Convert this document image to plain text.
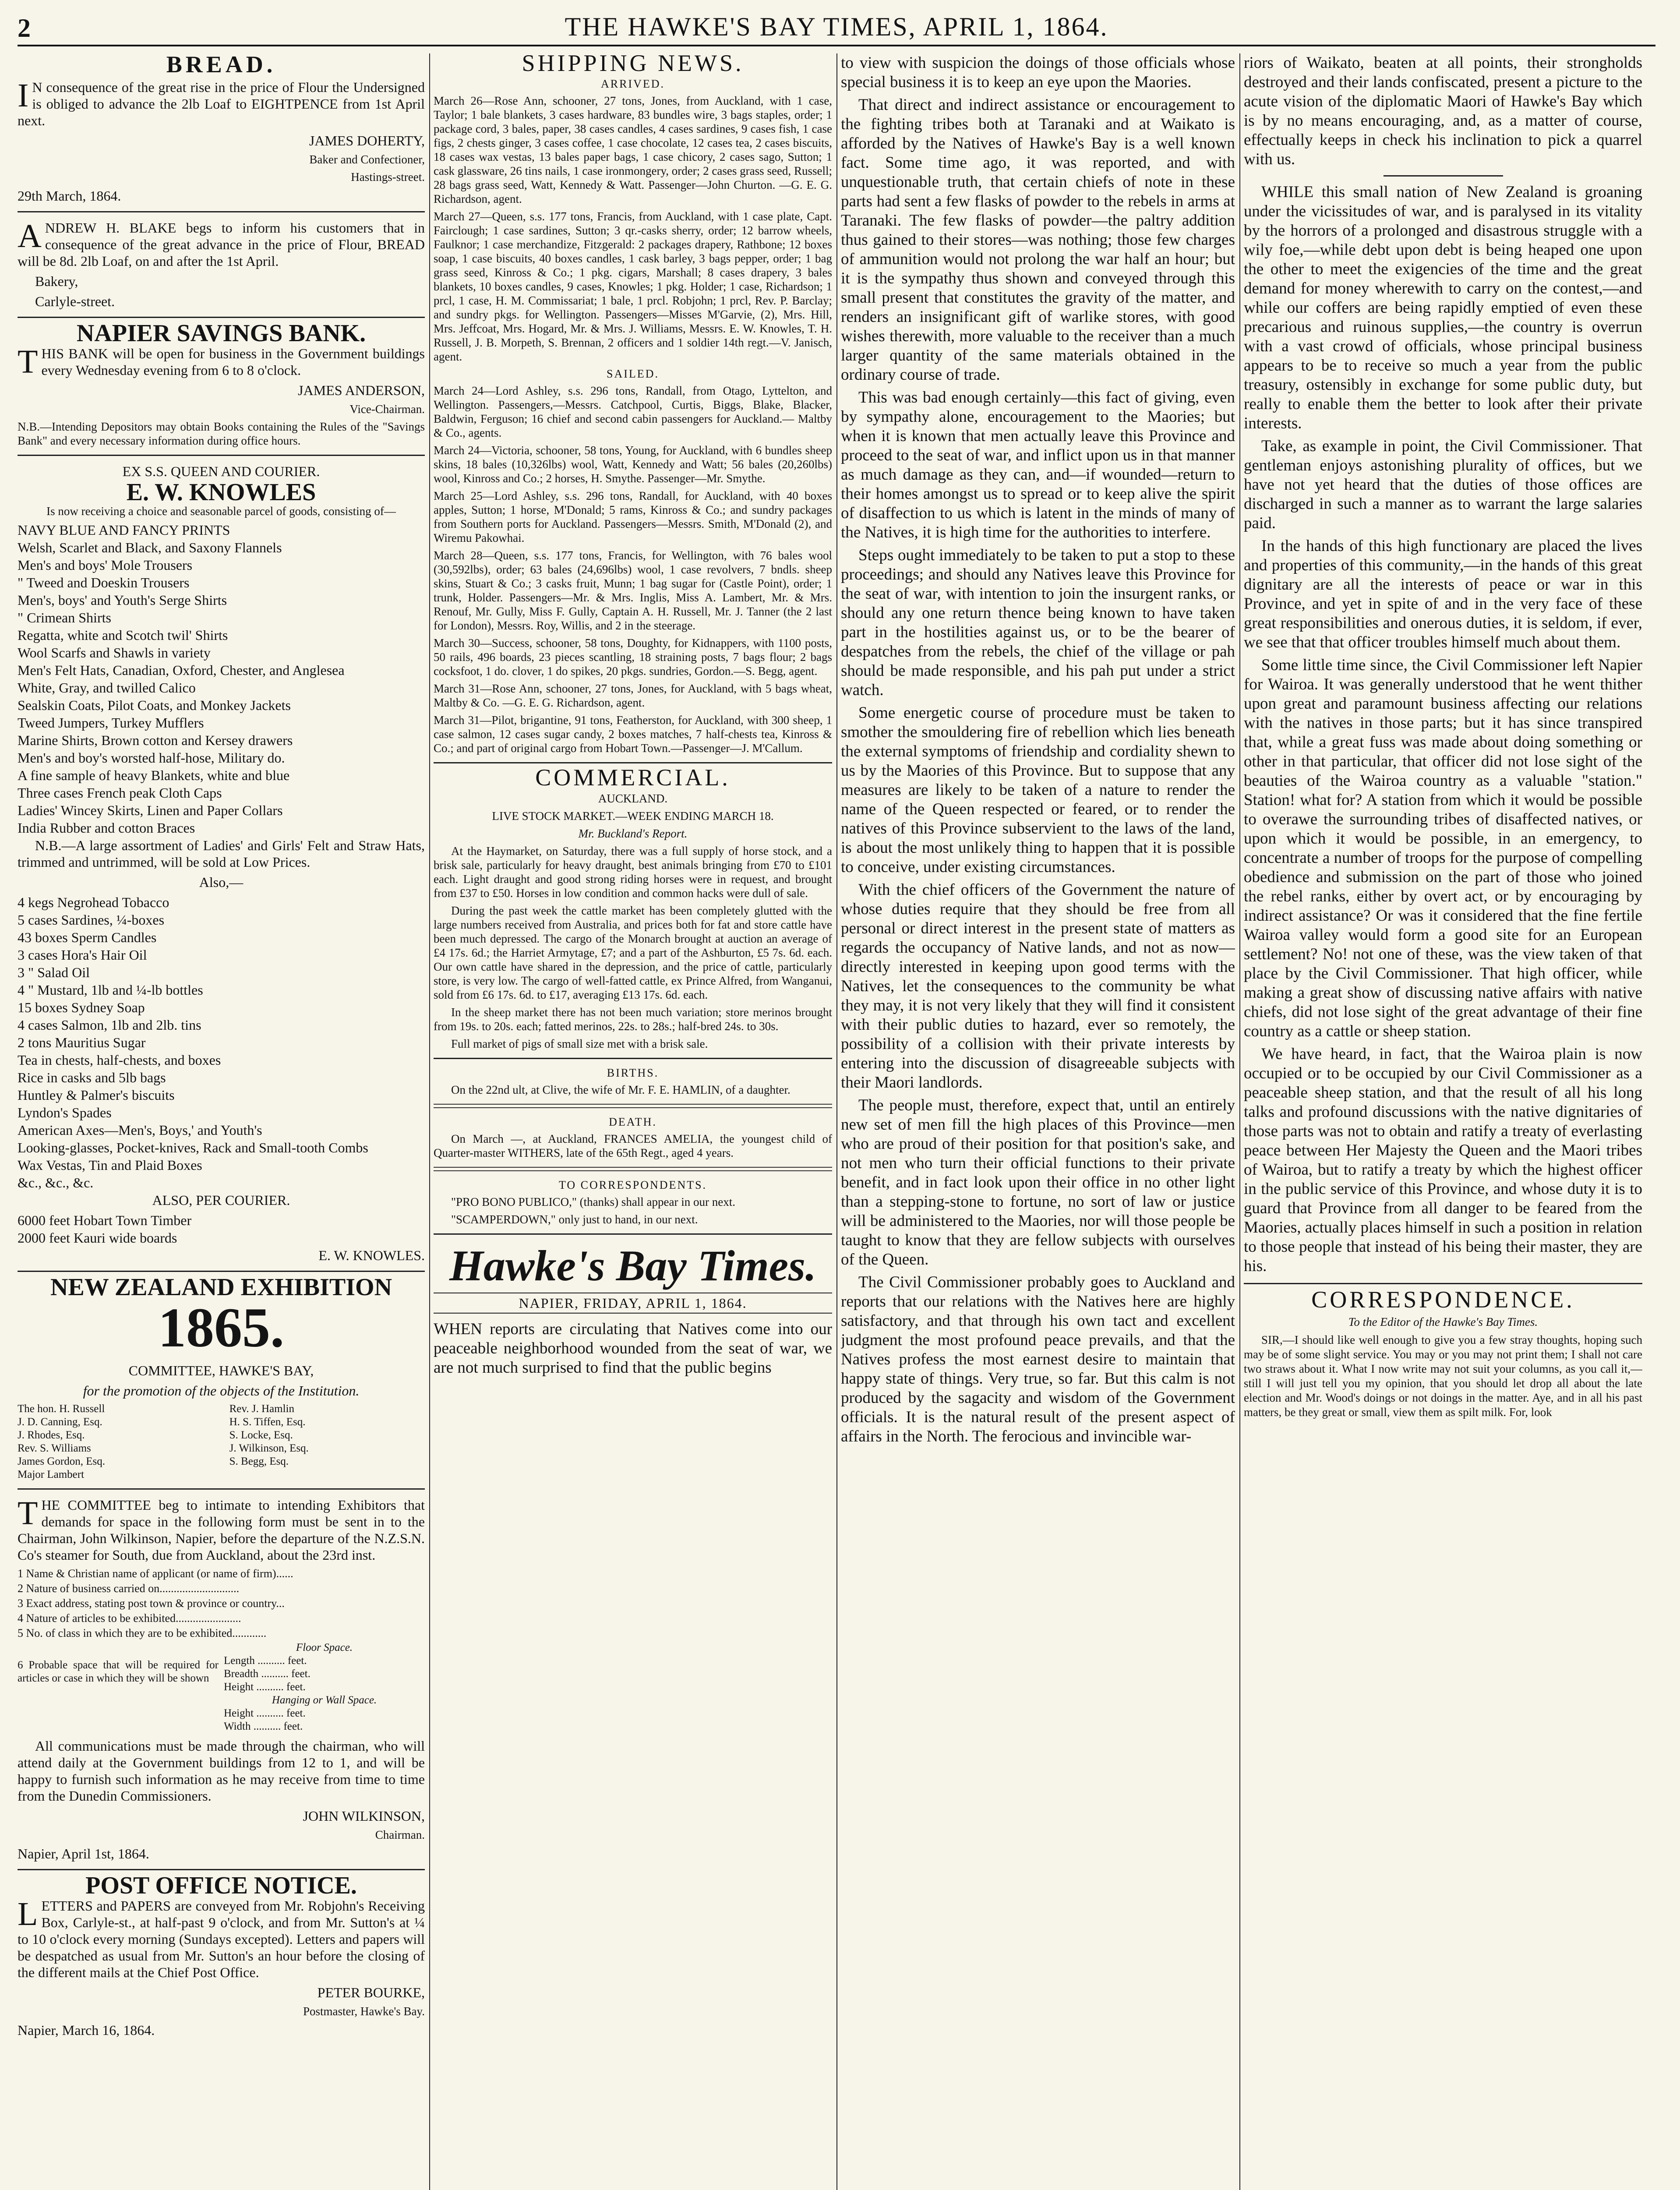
2	THE HAWKE'S BAY TIMES, APRIL 1, 1864.
BREAD.

IN consequence of the great rise in the price of Flour the Undersigned is obliged to advance the 2lb Loaf to EIGHTPENCE from 1st April next.

JAMES DOHERTY,

Baker and Confectioner,

Hastings-street.

29th March, 1864.

ANDREW H. BLAKE begs to inform his customers that in consequence of the great advance in the price of Flour, BREAD will be 8d. 2lb Loaf, on and after the 1st April.

Bakery,

Carlyle-street.

NAPIER SAVINGS BANK.

THIS BANK will be open for business in the Government buildings every Wednesday evening from 6 to 8 o'clock.

JAMES ANDERSON,

Vice-Chairman.

N.B.—Intending Depositors may obtain Books containing the Rules of the "Savings Bank" and every necessary information during office hours.

EX S.S. QUEEN AND COURIER.

E. W. KNOWLES

Is now receiving a choice and seasonable parcel of goods, consisting of—

NAVY BLUE AND FANCY PRINTS

Welsh, Scarlet and Black, and Saxony Flannels

Men's and boys' Mole Trousers

" Tweed and Doeskin Trousers

Men's, boys' and Youth's Serge Shirts

" Crimean Shirts

Regatta, white and Scotch twil' Shirts

Wool Scarfs and Shawls in variety

Men's Felt Hats, Canadian, Oxford, Chester, and Anglesea

White, Gray, and twilled Calico

Sealskin Coats, Pilot Coats, and Monkey Jackets

Tweed Jumpers, Turkey Mufflers

Marine Shirts, Brown cotton and Kersey drawers

Men's and boy's worsted half-hose, Military do.

A fine sample of heavy Blankets, white and blue

Three cases French peak Cloth Caps

Ladies' Wincey Skirts, Linen and Paper Collars

India Rubber and cotton Braces

N.B.—A large assortment of Ladies' and Girls' Felt and Straw Hats, trimmed and untrimmed, will be sold at Low Prices.

Also,—

4 kegs Negrohead Tobacco

5 cases Sardines, ¼-boxes

43 boxes Sperm Candles

3 cases Hora's Hair Oil

3 " Salad Oil

4 " Mustard, 1lb and ¼-lb bottles

15 boxes Sydney Soap

4 cases Salmon, 1lb and 2lb. tins

2 tons Mauritius Sugar

Tea in chests, half-chests, and boxes

Rice in casks and 5lb bags

Huntley & Palmer's biscuits

Lyndon's Spades

American Axes—Men's, Boys,' and Youth's

Looking-glasses, Pocket-knives, Rack and Small-tooth Combs

Wax Vestas, Tin and Plaid Boxes

&c., &c., &c.

ALSO, PER COURIER.

6000 feet Hobart Town Timber

2000 feet Kauri wide boards

E. W. KNOWLES.

NEW ZEALAND EXHIBITION
1865.

COMMITTEE, HAWKE'S BAY,

for the promotion of the objects of the Institution.

The hon. H. Russell
J. D. Canning, Esq.
J. Rhodes, Esq.
Rev. S. Williams
James Gordon, Esq.
Major Lambert
Rev. J. Hamlin
H. S. Tiffen, Esq.
S. Locke, Esq.
J. Wilkinson, Esq.
S. Begg, Esq.

THE COMMITTEE beg to intimate to intending Exhibitors that demands for space in the following form must be sent in to the Chairman, John Wilkinson, Napier, before the departure of the N.Z.S.N. Co's steamer for South, due from Auckland, about the 23rd inst.

1 Name & Christian name of applicant (or name of firm)......

2 Nature of business carried on............................

3 Exact address, stating post town & province or country...

4 Nature of articles to be exhibited.......................

5 No. of class in which they are to be exhibited............

6 Probable space that will be required for articles or case in which they will be shown
Floor Space.
Length .......... feet.
Breadth .......... feet.
Height .......... feet.
Hanging or Wall Space.
Height .......... feet.
Width .......... feet.

All communications must be made through the chairman, who will attend daily at the Government buildings from 12 to 1, and will be happy to furnish such information as he may receive from time to time from the Dunedin Commissioners.

JOHN WILKINSON,

Chairman.

Napier, April 1st, 1864.

POST OFFICE NOTICE.

LETTERS and PAPERS are conveyed from Mr. Robjohn's Receiving Box, Carlyle-st., at half-past 9 o'clock, and from Mr. Sutton's at ¼ to 10 o'clock every morning (Sundays excepted). Letters and papers will be despatched as usual from Mr. Sutton's an hour before the closing of the different mails at the Chief Post Office.

PETER BOURKE,

Postmaster, Hawke's Bay.

Napier, March 16, 1864.

SHIPPING NEWS.
ARRIVED.

March 26—Rose Ann, schooner, 27 tons, Jones, from Auckland, with 1 case, Taylor; 1 bale blankets, 3 cases hardware, 83 bundles wire, 3 bags staples, order; 1 package cord, 3 bales, paper, 38 cases candles, 4 cases sardines, 9 cases fish, 1 case figs, 2 chests ginger, 3 cases coffee, 1 case chocolate, 12 cases tea, 2 cases biscuits, 18 cases wax vestas, 13 bales paper bags, 1 case chicory, 2 cases sago, Sutton; 1 cask glassware, 26 tins nails, 1 case ironmongery, order; 2 cases grass seed, Russell; 28 bags grass seed, Watt, Kennedy & Watt. Passenger—John Churton. —G. E. G. Richardson, agent.

March 27—Queen, s.s. 177 tons, Francis, from Auckland, with 1 case plate, Capt. Fairclough; 1 case sardines, Sutton; 3 qr.-casks sherry, order; 12 barrow wheels, Faulknor; 1 case merchandize, Fitzgerald: 2 packages drapery, Rathbone; 12 boxes soap, 1 case biscuits, 40 boxes candles, 1 cask barley, 3 bags pepper, order; 1 bag grass seed, Kinross & Co.; 1 pkg. cigars, Marshall; 8 cases drapery, 3 bales blankets, 10 boxes candles, 9 cases, Knowles; 1 pkg. Holder; 1 case, Richardson; 1 prcl, 1 case, H. M. Commissariat; 1 bale, 1 prcl. Robjohn; 1 prcl, Rev. P. Barclay; and sundry pkgs. for Wellington. Passengers—Misses M'Garvie, (2), Mrs. Hill, Mrs. Jeffcoat, Mrs. Hogard, Mr. & Mrs. J. Williams, Messrs. E. W. Knowles, T. H. Russell, J. B. Morpeth, S. Brennan, 2 officers and 1 soldier 14th regt.—V. Janisch, agent.

SAILED.

March 24—Lord Ashley, s.s. 296 tons, Randall, from Otago, Lyttelton, and Wellington. Passengers,—Messrs. Catchpool, Curtis, Biggs, Blake, Blacker, Baldwin, Ferguson; 16 chief and second cabin passengers for Auckland.— Maltby & Co., agents.

March 24—Victoria, schooner, 58 tons, Young, for Auckland, with 6 bundles sheep skins, 18 bales (10,326lbs) wool, Watt, Kennedy and Watt; 56 bales (20,260lbs) wool, Kinross and Co.; 2 horses, H. Smythe. Passenger—Mr. Smythe.

March 25—Lord Ashley, s.s. 296 tons, Randall, for Auckland, with 40 boxes apples, Sutton; 1 horse, M'Donald; 5 rams, Kinross & Co.; and sundry packages from Southern ports for Auckland. Passengers—Messrs. Smith, M'Donald (2), and Wiremu Pakowhai.

March 28—Queen, s.s. 177 tons, Francis, for Wellington, with 76 bales wool (30,592lbs), order; 63 bales (24,696lbs) wool, 1 case revolvers, 7 bndls. sheep skins, Stuart & Co.; 3 casks fruit, Munn; 1 bag sugar for (Castle Point), order; 1 trunk, Holder. Passengers—Mr. & Mrs. Inglis, Miss A. Lambert, Mr. & Mrs. Renouf, Mr. Gully, Miss F. Gully, Captain A. H. Russell, Mr. J. Tanner (the 2 last for London), Messrs. Roy, Willis, and 2 in the steerage.

March 30—Success, schooner, 58 tons, Doughty, for Kidnappers, with 1100 posts, 50 rails, 496 boards, 23 pieces scantling, 18 straining posts, 7 bags flour; 2 bags cocksfoot, 1 do. clover, 1 do spikes, 20 pkgs. sundries, Gordon.—S. Begg, agent.

March 31—Rose Ann, schooner, 27 tons, Jones, for Auckland, with 5 bags wheat, Maltby & Co. —G. E. G. Richardson, agent.

March 31—Pilot, brigantine, 91 tons, Featherston, for Auckland, with 300 sheep, 1 case salmon, 12 cases sugar candy, 2 boxes matches, 7 half-chests tea, Kinross & Co.; and part of original cargo from Hobart Town.—Passenger—J. M'Callum.

COMMERCIAL.

AUCKLAND.

LIVE STOCK MARKET.—WEEK ENDING MARCH 18.

Mr. Buckland's Report.

At the Haymarket, on Saturday, there was a full supply of horse stock, and a brisk sale, particularly for heavy draught, best animals bringing from £70 to £101 each. Light draught and good strong riding horses were in request, and brought from £37 to £50. Horses in low condition and common hacks were dull of sale.

During the past week the cattle market has been completely glutted with the large numbers received from Australia, and prices both for fat and store cattle have been much depressed. The cargo of the Monarch brought at auction an average of £4 17s. 6d.; the Harriet Armytage, £7; and a part of the Ashburton, £5 7s. 6d. each. Our own cattle have shared in the depression, and the price of cattle, particularly store, is very low. The cargo of well-fatted cattle, ex Prince Alfred, from Wanganui, sold from £6 17s. 6d. to £17, averaging £13 17s. 6d. each.

In the sheep market there has not been much variation; store merinos brought from 19s. to 20s. each; fatted merinos, 22s. to 28s.; half-bred 24s. to 30s.

Full market of pigs of small size met with a brisk sale.

BIRTHS.

On the 22nd ult, at Clive, the wife of Mr. F. E. HAMLIN, of a daughter.

DEATH.

On March —, at Auckland, FRANCES AMELIA, the youngest child of Quarter-master WITHERS, late of the 65th Regt., aged 4 years.

TO CORRESPONDENTS.

"PRO BONO PUBLICO," (thanks) shall appear in our next.

"SCAMPERDOWN," only just to hand, in our next.

Hawke's Bay Times.
NAPIER, FRIDAY, APRIL 1, 1864.

WHEN reports are circulating that Natives come into our peaceable neighborhood wounded from the seat of war, we are not much surprised to find that the public begins

to view with suspicion the doings of those officials whose special business it is to keep an eye upon the Maories.

That direct and indirect assistance or encouragement to the fighting tribes both at Taranaki and at Waikato is afforded by the Natives of Hawke's Bay is a well known fact. Some time ago, it was reported, and with unquestionable truth, that certain chiefs of note in these parts had sent a few flasks of powder to the rebels in arms at Taranaki. The few flasks of powder—the paltry addition thus gained to their stores—was nothing; those few charges of ammunition would not prolong the war half an hour; but it is the sympathy thus shown and conveyed through this small present that constitutes the gravity of the matter, and renders an insignificant gift of warlike stores, with good wishes therewith, more valuable to the receiver than a much larger quantity of the same materials obtained in the ordinary course of trade.

This was bad enough certainly—this fact of giving, even by sympathy alone, encouragement to the Maories; but when it is known that men actually leave this Province and proceed to the seat of war, and inflict upon us in that manner as much damage as they can, and—if wounded—return to their homes amongst us to spread or to keep alive the spirit of disaffection to us which is latent in the minds of many of the Natives, it is high time for the authorities to interfere.

Steps ought immediately to be taken to put a stop to these proceedings; and should any Natives leave this Province for the seat of war, with intention to join the insurgent ranks, or should any one return thence being known to have taken part in the hostilities against us, or to be the bearer of despatches from the rebels, the chief of the village or pah should be made responsible, and his pah put under a strict watch.

Some energetic course of procedure must be taken to smother the smouldering fire of rebellion which lies beneath the external symptoms of friendship and cordiality shewn to us by the Maories of this Province. But to suppose that any measures are likely to be taken of a nature to render the name of the Queen respected or feared, or to render the natives of this Province subservient to the laws of the land, is about the most unlikely thing to happen that it is possible to conceive, under existing circumstances.

With the chief officers of the Government the nature of whose duties require that they should be free from all personal or direct interest in the present state of matters as regards the occupancy of Native lands, and not as now—directly interested in keeping upon good terms with the Natives, let the consequences to the community be what they may, it is not very likely that they will find it consistent with their public duties to hazard, ever so remotely, the possibility of a collision with their private interests by entering into the discussion of disagreeable subjects with their Maori landlords.

The people must, therefore, expect that, until an entirely new set of men fill the high places of this Province—men who are proud of their position for that position's sake, and not men who turn their official functions to their private benefit, and in fact look upon their office in no other light than a stepping-stone to fortune, no sort of law or justice will be administered to the Maories, nor will those people be taught to know that they are fellow subjects with ourselves of the Queen.

The Civil Commissioner probably goes to Auckland and reports that our relations with the Natives here are highly satisfactory, and that through his own tact and excellent judgment the most profound peace prevails, and that the Natives profess the most earnest desire to maintain that happy state of things. Very true, so far. But this calm is not produced by the sagacity and wisdom of the Government officials. It is the natural result of the present aspect of affairs in the North. The ferocious and invincible war-

riors of Waikato, beaten at all points, their strongholds destroyed and their lands confiscated, present a picture to the acute vision of the diplomatic Maori of Hawke's Bay which is by no means encouraging, and, as a matter of course, effectually keeps in check his inclination to pick a quarrel with us.

WHILE this small nation of New Zealand is groaning under the vicissitudes of war, and is paralysed in its vitality by the horrors of a prolonged and disastrous struggle with a wily foe,—while debt upon debt is being heaped one upon the other to meet the exigencies of the time and the great demand for money wherewith to carry on the contest,—and while our coffers are being rapidly emptied of even these precarious and ruinous supplies,—the country is overrun with a vast crowd of officials, whose principal business appears to be to receive so much a year from the public treasury, ostensibly in exchange for some public duty, but really to enable them the better to look after their private interests.

Take, as example in point, the Civil Commissioner. That gentleman enjoys astonishing plurality of offices, but we have not yet heard that the duties of those offices are discharged in such a manner as to warrant the large salaries paid.

In the hands of this high functionary are placed the lives and properties of this community,—in the hands of this great dignitary are all the interests of peace or war in this Province, and yet in spite of and in the very face of these great responsibilities and onerous duties, it is seldom, if ever, we see that that officer troubles himself much about them.

Some little time since, the Civil Commissioner left Napier for Wairoa. It was generally understood that he went thither upon great and paramount business affecting our relations with the natives in those parts; but it has since transpired that, while a great fuss was made about doing something or other in that particular, that officer did not lose sight of the beauties of the Wairoa country as a valuable "station." Station! what for? A station from which it would be possible to overawe the surrounding tribes of disaffected natives, or upon which it would be possible, in an emergency, to concentrate a number of troops for the purpose of compelling obedience and submission on the part of those who joined the rebel ranks, either by overt act, or by encouraging by indirect assistance? Or was it considered that the fine fertile Wairoa valley would form a good site for an European settlement? No! not one of these, was the view taken of that place by the Civil Commissioner. That high officer, while making a great show of discussing native affairs with native chiefs, did not lose sight of the great advantage of their fine country as a cattle or sheep station.

We have heard, in fact, that the Wairoa plain is now occupied or to be occupied by our Civil Commissioner as a peaceable sheep station, and that the result of all his long talks and profound discussions with the native dignitaries of those parts was not to obtain and ratify a treaty of everlasting peace between Her Majesty the Queen and the Maori tribes of Wairoa, but to ratify a treaty by which the highest officer in the public service of this Province, and whose duty it is to guard that Province from all danger to be feared from the Maories, actually places himself in such a position in relation to those people that instead of his being their master, they are his.

CORRESPONDENCE.

To the Editor of the Hawke's Bay Times.

SIR,—I should like well enough to give you a few stray thoughts, hoping such may be of some slight service. You may or you may not print them; I shall not care two straws about it. What I now write may not suit your columns, as you call it,—still I will just tell you my opinion, that you should let drop all about the late election and Mr. Wood's doings or not doings in the matter. Aye, and in all his past matters, be they great or small, view them as spilt milk. For, look
